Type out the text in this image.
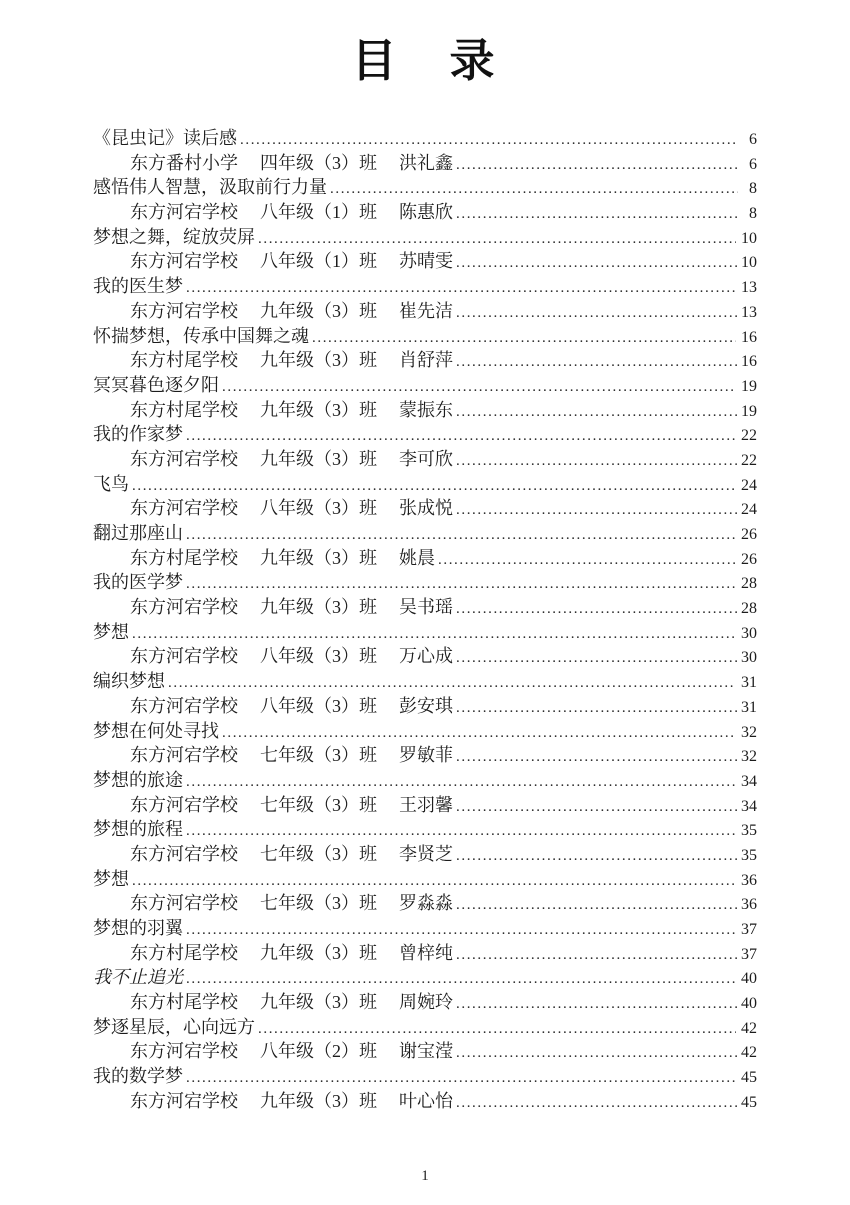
目　录
《昆虫记》读后感 .....	6
东方番村小学 四年级（3）班 洪礼鑫 .....	6
感悟伟人智慧，汲取前行力量 .....	8
东方河宕学校 八年级（1）班 陈惠欣 .....	8
梦想之舞，绽放荧屏 .....	10
东方河宕学校 八年级（1）班 苏晴雯 .....	10
我的医生梦 .....	13
东方河宕学校 九年级（3）班 崔先洁 .....	13
怀揣梦想，传承中国舞之魂 .....	16
东方村尾学校 九年级（3）班 肖舒萍 .....	16
冥冥暮色逐夕阳 .....	19
东方村尾学校 九年级（3）班 蒙振东 .....	19
我的作家梦 .....	22
东方河宕学校 九年级（3）班 李可欣 .....	22
飞鸟 .....	24
东方河宕学校 八年级（3）班 张成悦 .....	24
翻过那座山 .....	26
东方村尾学校 九年级（3）班 姚晨 .....	26
我的医学梦 .....	28
东方河宕学校 九年级（3）班 吴书瑶 .....	28
梦想 .....	30
东方河宕学校 八年级（3）班 万心成 .....	30
编织梦想 .....	31
东方河宕学校 八年级（3）班 彭安琪 .....	31
梦想在何处寻找 .....	32
东方河宕学校 七年级（3）班 罗敏菲 .....	32
梦想的旅途 .....	34
东方河宕学校 七年级（3）班 王羽馨 .....	34
梦想的旅程 .....	35
东方河宕学校 七年级（3）班 李贤芝 .....	35
梦想 .....	36
东方河宕学校 七年级（3）班 罗淼淼 .....	36
梦想的羽翼 .....	37
东方村尾学校 九年级（3）班 曾梓纯 .....	37
我不止追光 .....	40
东方村尾学校 九年级（3）班 周婉玲 .....	40
梦逐星辰，心向远方 .....	42
东方河宕学校 八年级（2）班 谢宝滢 .....	42
我的数学梦 .....	45
东方河宕学校 九年级（3）班 叶心怡 .....	45
1
